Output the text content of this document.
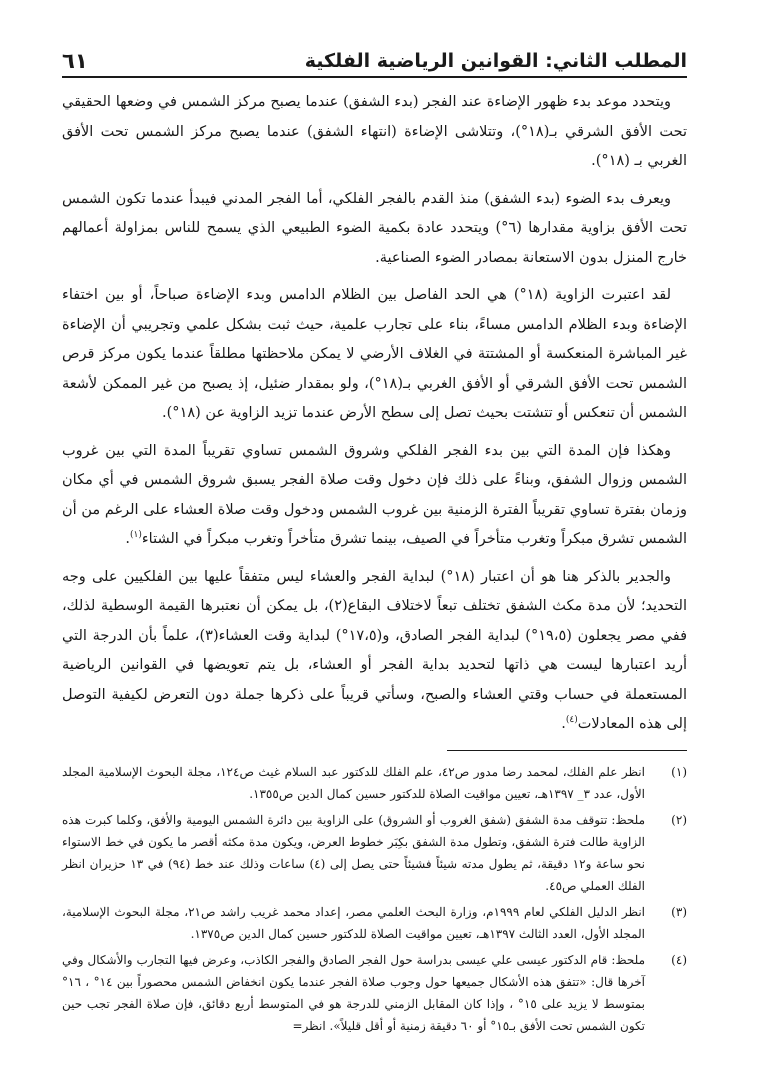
المطلب الثاني: القوانين الرياضية الفلكية
٦١

ويتحدد موعد بدء ظهور الإضاءة عند الفجر (بدء الشفق) عندما يصبح مركز الشمس في وضعها الحقيقي تحت الأفق الشرقي بـ(١٨°)، وتتلاشى الإضاءة (انتهاء الشفق) عندما يصبح مركز الشمس تحت الأفق الغربي بـ (١٨°).

ويعرف بدء الضوء (بدء الشفق) منذ القدم بالفجر الفلكي، أما الفجر المدني فيبدأ عندما تكون الشمس تحت الأفق بزاوية مقدارها (٦°) ويتحدد عادة بكمية الضوء الطبيعي الذي يسمح للناس بمزاولة أعمالهم خارج المنزل بدون الاستعانة بمصادر الضوء الصناعية.

لقد اعتبرت الزاوية (١٨°) هي الحد الفاصل بين الظلام الدامس وبدء الإضاءة صباحاً، أو بين اختفاء الإضاءة وبدء الظلام الدامس مساءً، بناء على تجارب علمية، حيث ثبت بشكل علمي وتجريبي أن الإضاءة غير المباشرة المنعكسة أو المشتتة في الغلاف الأرضي لا يمكن ملاحظتها مطلقاً عندما يكون مركز قرص الشمس تحت الأفق الشرقي أو الأفق الغربي بـ(١٨°)، ولو بمقدار ضئيل، إذ يصبح من غير الممكن لأشعة الشمس أن تنعكس أو تتشتت بحيث تصل إلى سطح الأرض عندما تزيد الزاوية عن (١٨°).

وهكذا فإن المدة التي بين بدء الفجر الفلكي وشروق الشمس تساوي تقريباً المدة التي بين غروب الشمس وزوال الشفق، وبناءً على ذلك فإن دخول وقت صلاة الفجر يسبق شروق الشمس في أي مكان وزمان بفترة تساوي تقريباً الفترة الزمنية بين غروب الشمس ودخول وقت صلاة العشاء على الرغم من أن الشمس تشرق مبكراً وتغرب متأخراً في الصيف، بينما تشرق متأخراً وتغرب مبكراً في الشتاء$^{(١)}$.

والجدير بالذكر هنا هو أن اعتبار (١٨°) لبداية الفجر والعشاء ليس متفقاً عليها بين الفلكيين على وجه التحديد؛ لأن مدة مكث الشفق تختلف تبعاً لاختلاف البقاع(٢)، بل يمكن أن نعتبرها القيمة الوسطية لذلك، ففي مصر يجعلون (١٩،٥°) لبداية الفجر الصادق، و(١٧،٥°) لبداية وقت العشاء(٣)، علماً بأن الدرجة التي أريد اعتبارها ليست هي ذاتها لتحديد بداية الفجر أو العشاء، بل يتم تعويضها في القوانين الرياضية المستعملة في حساب وقتي العشاء والصبح، وسأتي قريباً على ذكرها جملة دون التعرض لكيفية التوصل إلى هذه المعادلات$^{(٤)}$.

(١)
انظر علم الفلك، لمحمد رضا مدور ص٤٢، علم الفلك للدكتور عبد السلام غيث ص١٢٤، مجلة البحوث الإسلامية المجلد الأول، عدد ٣_ ١٣٩٧هـ، تعيين مواقيت الصلاة للدكتور حسين كمال الدين ص١٣٥٥.
(٢)
ملحظ: تتوقف مدة الشفق (شفق الغروب أو الشروق) على الزاوية بين دائرة الشمس اليومية والأفق، وكلما كبرت هذه الزاوية طالت فترة الشفق، وتطول مدة الشفق بكِبَر خطوط العرض، ويكون مدة مكثه أقصر ما يكون في خط الاستواء نحو ساعة و١٢ دقيقة، ثم يطول مدته شيئاً فشيئاً حتى يصل إلى (٤) ساعات وذلك عند خط (٩٤) في ١٣ حزيران انظر الفلك العملي ص٤٥.
(٣)
انظر الدليل الفلكي لعام ١٩٩٩م، وزارة البحث العلمي مصر، إعداد محمد غريب راشد ص٢١، مجلة البحوث الإسلامية، المجلد الأول، العدد الثالث ١٣٩٧هـ، تعيين مواقيت الصلاة للدكتور حسين كمال الدين ص١٣٧٥.
(٤)
ملحظ: قام الدكتور عيسى علي عيسى بدراسة حول الفجر الصادق والفجر الكاذب، وعرض فيها التجارب والأشكال وفي آخرها قال: «تتفق هذه الأشكال جميعها حول وجوب صلاة الفجر عندما يكون انخفاض الشمس محصوراً بين ١٤° ، ١٦° بمتوسط لا يزيد على ١٥° ، وإذا كان المقابل الزمني للدرجة هو في المتوسط أربع دقائق، فإن صلاة الفجر تجب حين تكون الشمس تحت الأفق بـ١٥° أو ٦٠ دقيقة زمنية أو أقل قليلاً». انظر=
